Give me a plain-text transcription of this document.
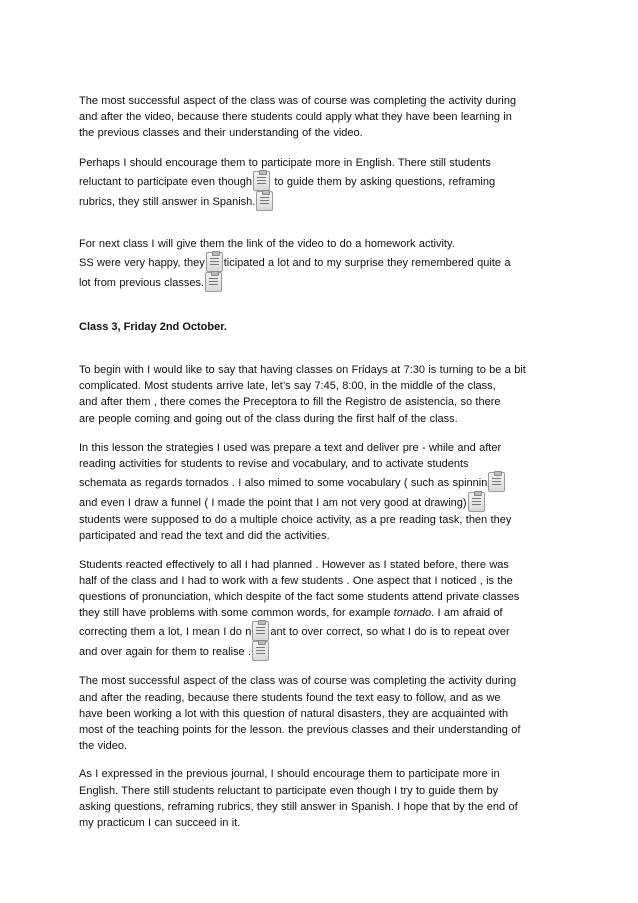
The most successful aspect of the class was of course was completing the activity during
and after the video, because there students could apply what they have been learning in
the previous classes and their understanding of the video.

Perhaps I should encourage them to participate more in English. There still students
reluctant to participate even though to guide them by asking questions, reframing
rubrics, they still answer in Spanish.

For next class I will give them the link of the video to do a homework activity.
SS were very happy, they ticipated a lot and to my surprise they remembered quite a
lot from previous classes.

Class 3, Friday 2nd October.

To begin with I would like to say that having classes on Fridays at 7:30 is turning to be a bit
complicated. Most students arrive late, let’s say 7:45, 8:00, in the middle of the class,
and after them , there comes the Preceptora to fill the Registro de asistencia, so there
are people coming and going out of the class during the first half of the class.

In this lesson the strategies I used was prepare a text and deliver pre - while and after
reading activities for students to revise and vocabulary, and to activate students
schemata as regards tornados . I also mimed to some vocabulary ( such as spinnin
and even I draw a funnel ( I made the point that I am not very good at drawing)
students were supposed to do a multiple choice activity, as a pre reading task, then they
participated and read the text and did the activities.

Students reacted effectively to all I had planned . However as I stated before, there was
half of the class and I had to work with a few students . One aspect that I noticed , is the
questions of pronunciation, which despite of the fact some students attend private classes
they still have problems with some common words, for example tornado. I am afraid of
correcting them a lot, I mean I do n ant to over correct, so what I do is to repeat over
and over again for them to realise .

The most successful aspect of the class was of course was completing the activity during
and after the reading, because there students found the text easy to follow, and as we
have been working a lot with this question of natural disasters, they are acquainted with
most of the teaching points for the lesson. the previous classes and their understanding of
the video.

As I expressed in the previous journal, I should encourage them to participate more in
English. There still students reluctant to participate even though I try to guide them by
asking questions, reframing rubrics, they still answer in Spanish. I hope that by the end of
my practicum I can succeed in it.
